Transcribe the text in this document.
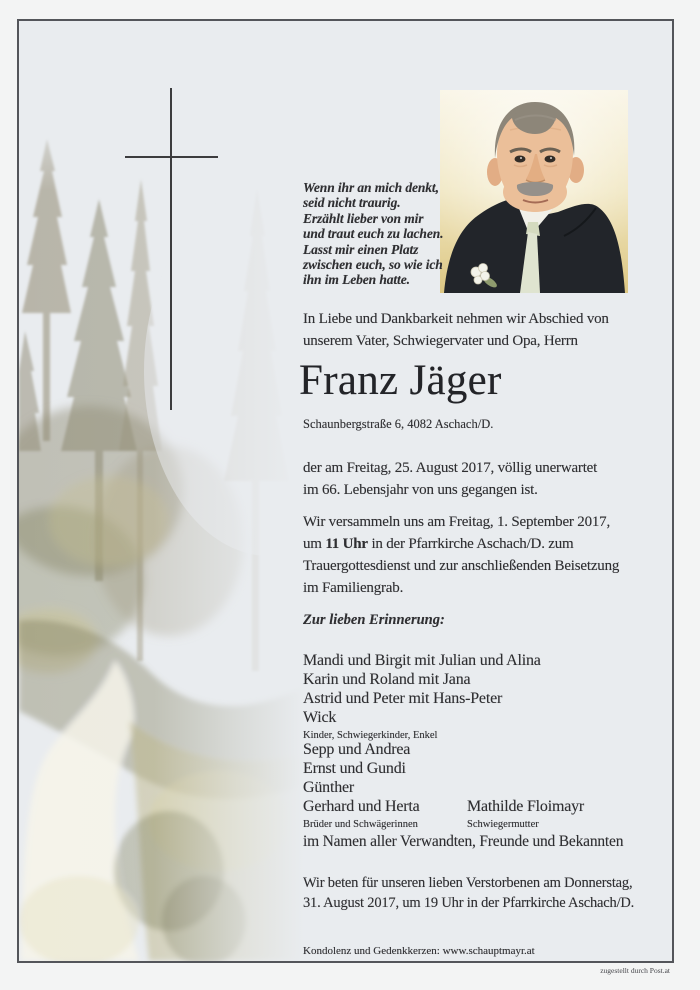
Wenn ihr an mich denkt,
seid nicht traurig.
Erzählt lieber von mir
und traut euch zu lachen.
Lasst mir einen Platz
zwischen euch, so wie ich
ihn im Leben hatte.
In Liebe und Dankbarkeit nehmen wir Abschied von
unserem Vater, Schwiegervater und Opa, Herrn
Franz Jäger
Schaunbergstraße 6, 4082 Aschach/D.
der am Freitag, 25. August 2017, völlig unerwartet
im 66. Lebensjahr von uns gegangen ist.
Wir versammeln uns am Freitag, 1. September 2017,
um 11 Uhr in der Pfarrkirche Aschach/D. zum
Trauergottesdienst und zur anschließenden Beisetzung
im Familiengrab.
Zur lieben Erinnerung:
Mandi und Birgit mit Julian und Alina
Karin und Roland mit Jana
Astrid und Peter mit Hans-Peter
Wick
Kinder, Schwiegerkinder, Enkel
Sepp und Andrea
Ernst und Gundi
Günther
Gerhard und Herta	Mathilde Floimayr
Brüder und Schwägerinnen	Schwiegermutter
im Namen aller Verwandten, Freunde und Bekannten
Wir beten für unseren lieben Verstorbenen am Donnerstag,
31. August 2017, um 19 Uhr in der Pfarrkirche Aschach/D.
Kondolenz und Gedenkkerzen: www.schauptmayr.at
zugestellt durch Post.at
